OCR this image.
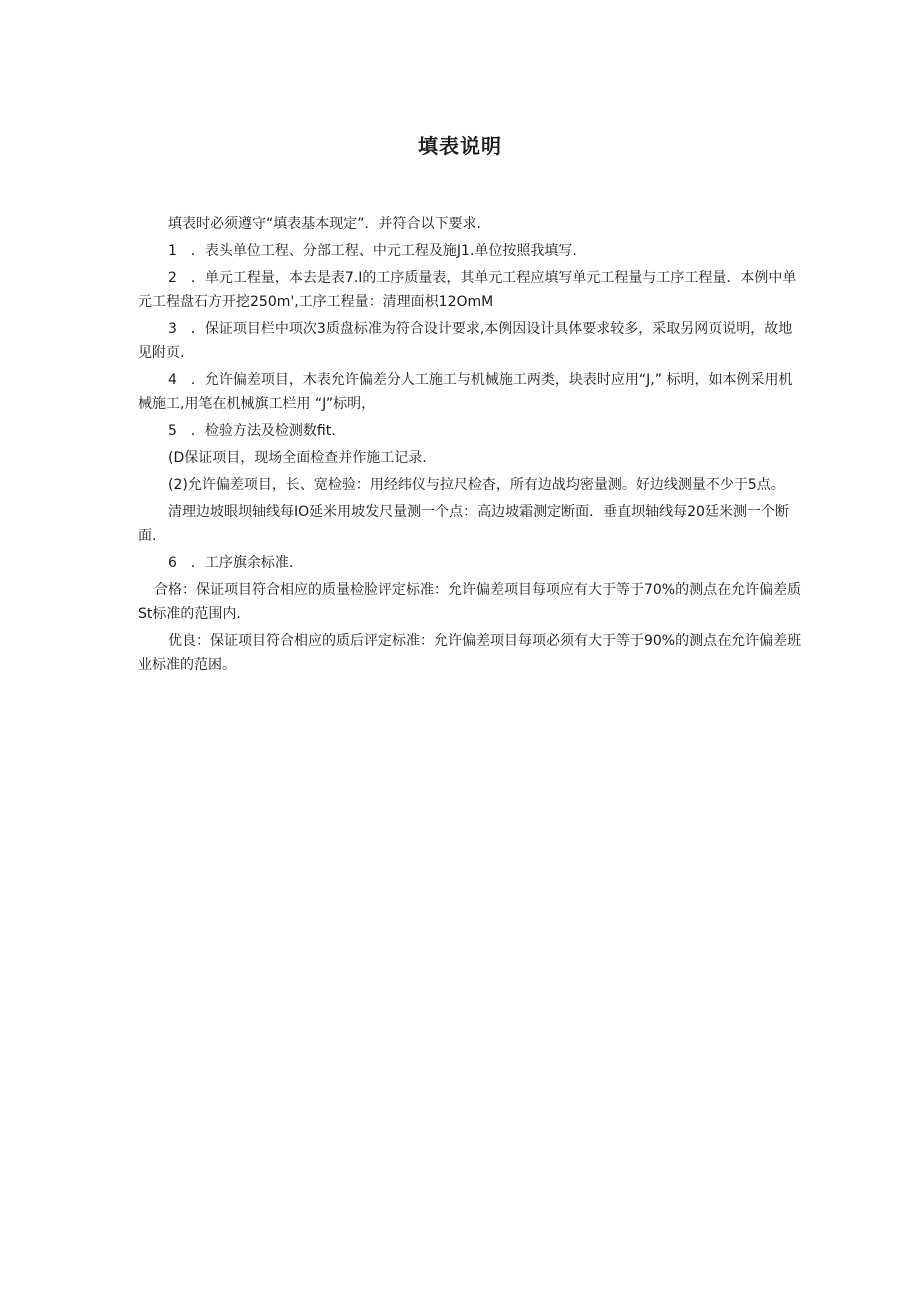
填表说明

填表时必须遵守“填表基本现定”．并符合以下要求.

1　．表头单位工程、分部工程、中元工程及施J1.单位按照我填写.

2　．单元工程量，本去是表7.I的工序质量表，其单元工程应填写单元工程量与工序工程量．本例中单元工程盘石方开挖250m',工序工程量：清理面枳12OmM

3　．保证项目栏中项次3质盘标准为符合设计要求,本例因设计具体要求较多，采取另网页说明，故地见附页.

4　．允许偏差项目，木表允许偏差分人工施工与机械施工两类，块表时应用“J,” 标明，如本例采用机械施工,用笔在机械旗工栏用 “J”标明，

5　．检验方法及检测数fit.

(D保证项目，现场全面检查并作施工记录.

(2)允许偏差项目，长、宽检验：用经纬仪与拉尺检杳，所有边战均密量测。好边线测量不少于5点。

清理边坡眼坝轴线每IO延米用坡发尺量测一个点：高边坡霜测定断面．垂直坝轴线每20廷米测一个断面.

6　．工序旗余标准.

合格：保证项目符合相应的质量检脸评定标准：允许偏差项目每项应有大于等于70%的测点在允许偏差质St标准的范围内.

优良：保证项目符合相应的质后评定标准：允许偏差项目每项必须有大于等于90%的测点在允许偏差班业标准的范困。
